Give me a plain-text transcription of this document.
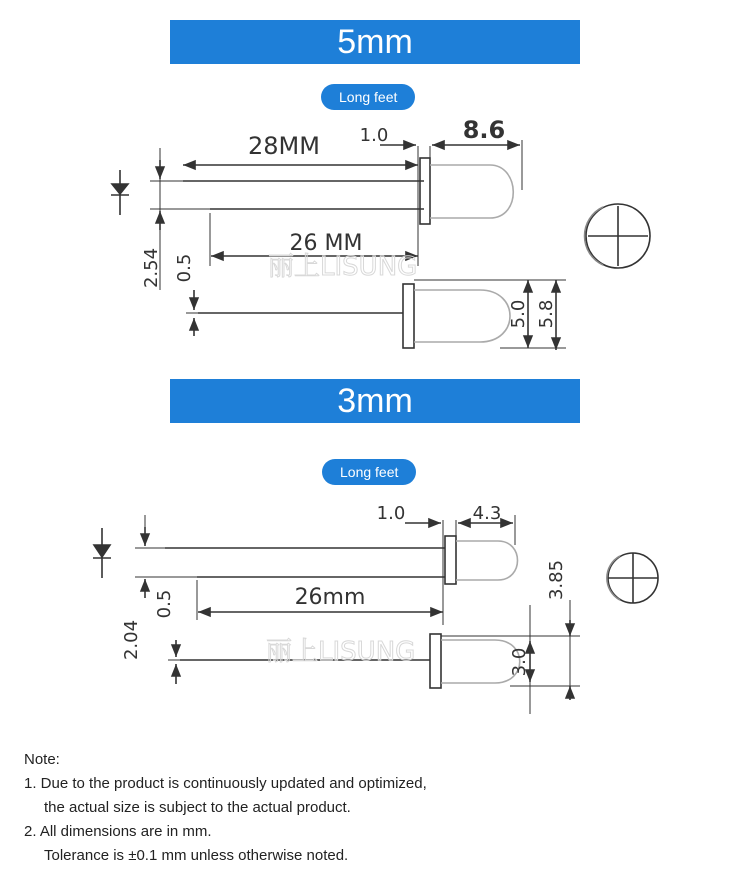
5mm
Long feet
3mm
Long feet
28MM
26 MM
1.0	8.6
2.54 0.5
5.0 5.8
丽上LISUNG
1.0	4.3
26mm
2.04
0.5
3.85
3.0
丽上LISUNG
Note:
1. Due to the product is continuously updated and optimized,
the actual size is subject to the actual product.
2. All dimensions are in mm.
Tolerance is ±0.1 mm unless otherwise noted.
